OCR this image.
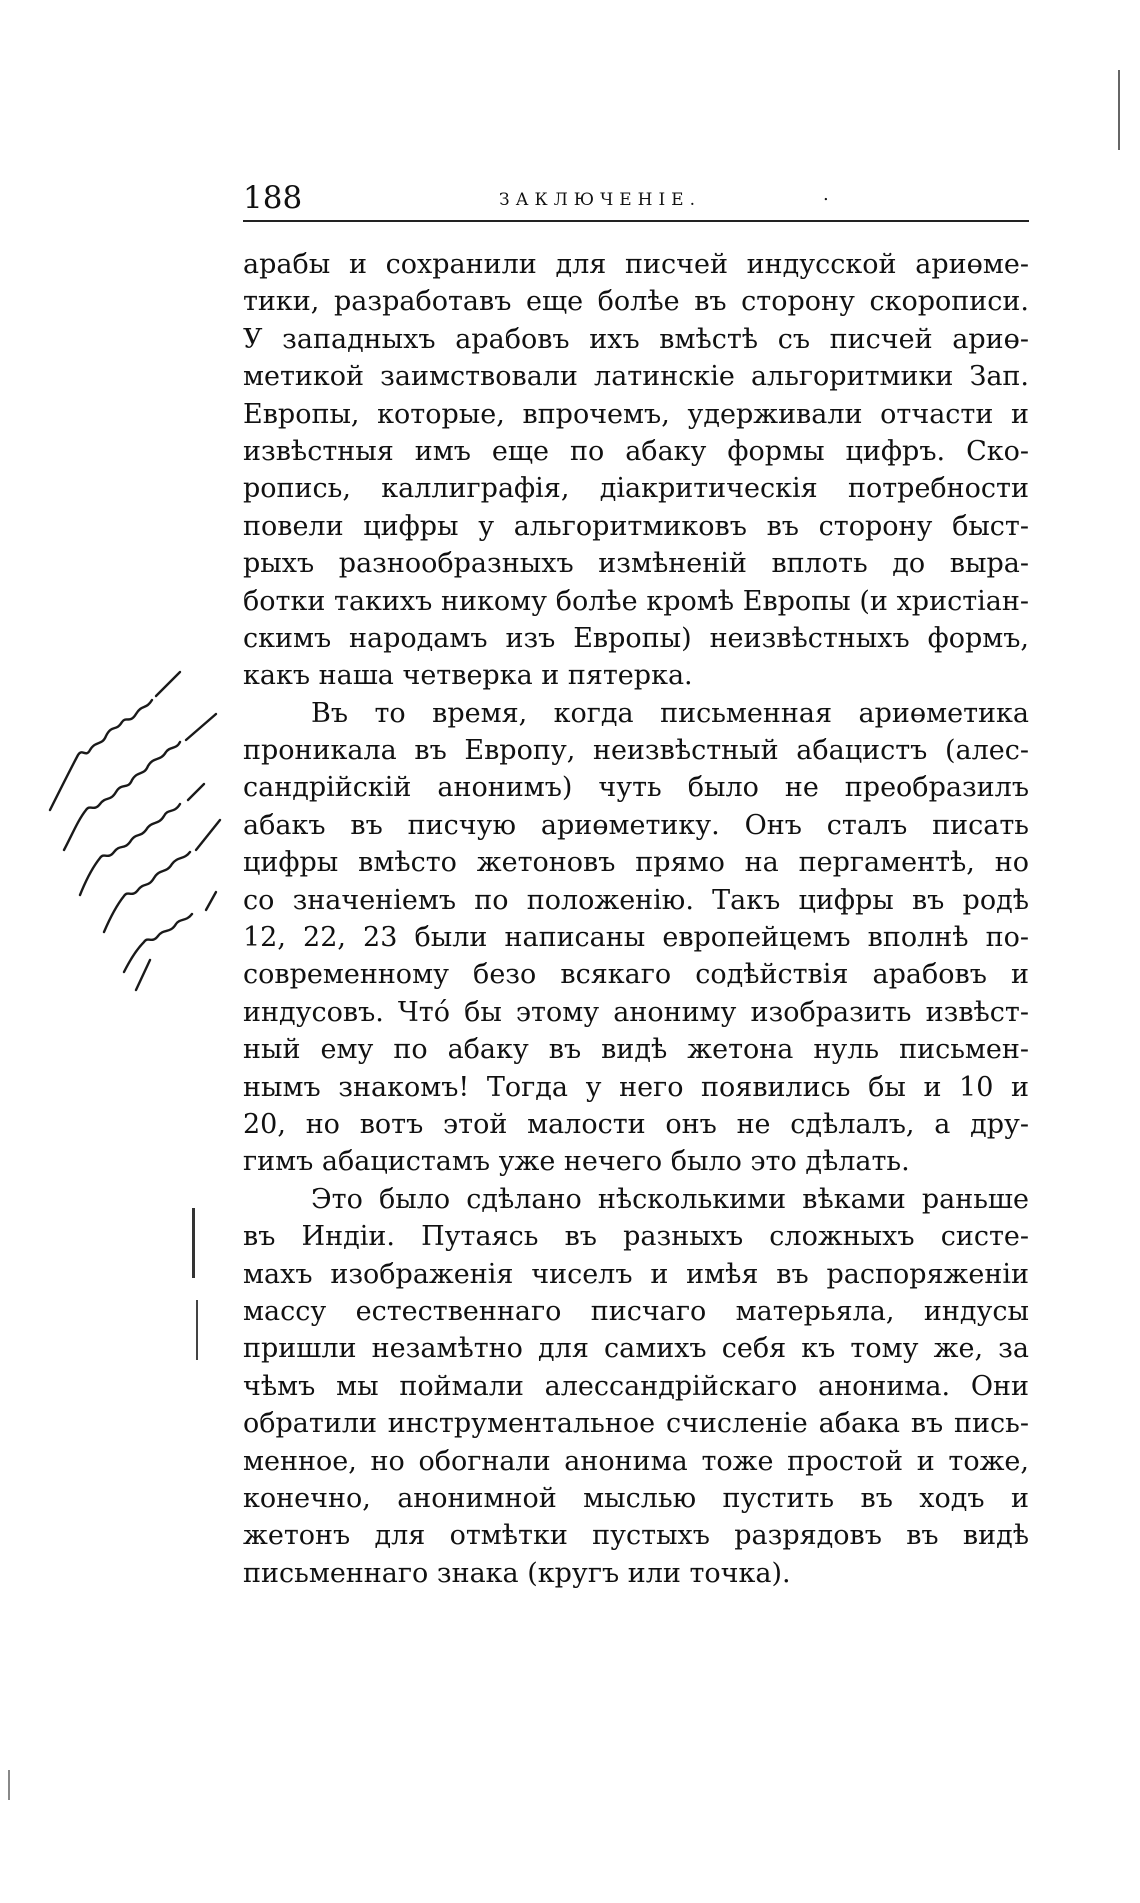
188	ЗАКЛЮЧЕНІЕ.	.
арабы и сохранили для писчей индусской ариөме-
тики, разработавъ еще болѣе въ сторону скорописи.
У западныхъ арабовъ ихъ вмѣстѣ съ писчей ариө-
метикой заимствовали латинскіе альгоритмики Зап.
Европы, которые, впрочемъ, удерживали отчасти и
извѣстныя имъ еще по абаку формы цифръ. Ско-
ропись, каллиграфія, діакритическія потребности
повели цифры у альгоритмиковъ въ сторону быст-
рыхъ разнообразныхъ измѣненій вплоть до выра-
ботки такихъ никому болѣе кромѣ Европы (и христіан-
скимъ народамъ изъ Европы) неизвѣстныхъ формъ,
какъ наша четверка и пятерка.
Въ то время, когда письменная ариөметика
проникала въ Европу, неизвѣстный абацистъ (алес-
сандрійскій анонимъ) чуть было не преобразилъ
абакъ въ писчую ариөметику. Онъ сталъ писать
цифры вмѣсто жетоновъ прямо на пергаментѣ, но
со значеніемъ по положенію. Такъ цифры въ родѣ
12, 22, 23 были написаны европейцемъ вполнѣ по-
современному безо всякаго содѣйствія арабовъ и
индусовъ. Что́ бы этому анониму изобразить извѣст-
ный ему по абаку въ видѣ жетона нуль письмен-
нымъ знакомъ! Тогда у него появились бы и 10 и
20, но вотъ этой малости онъ не сдѣлалъ, а дру-
гимъ абацистамъ уже нечего было это дѣлать.
Это было сдѣлано нѣсколькими вѣками раньше
въ Индіи. Путаясь въ разныхъ сложныхъ систе-
махъ изображенія чиселъ и имѣя въ распоряженіи
массу естественнаго писчаго матерьяла, индусы
пришли незамѣтно для самихъ себя къ тому же, за
чѣмъ мы поймали алессандрійскаго анонима. Они
обратили инструментальное счисленіе абака въ пись-
менное, но обогнали анонима тоже простой и тоже,
конечно, анонимной мыслью пустить въ ходъ и
жетонъ для отмѣтки пустыхъ разрядовъ въ видѣ
письменнаго знака (кругъ или точка).
